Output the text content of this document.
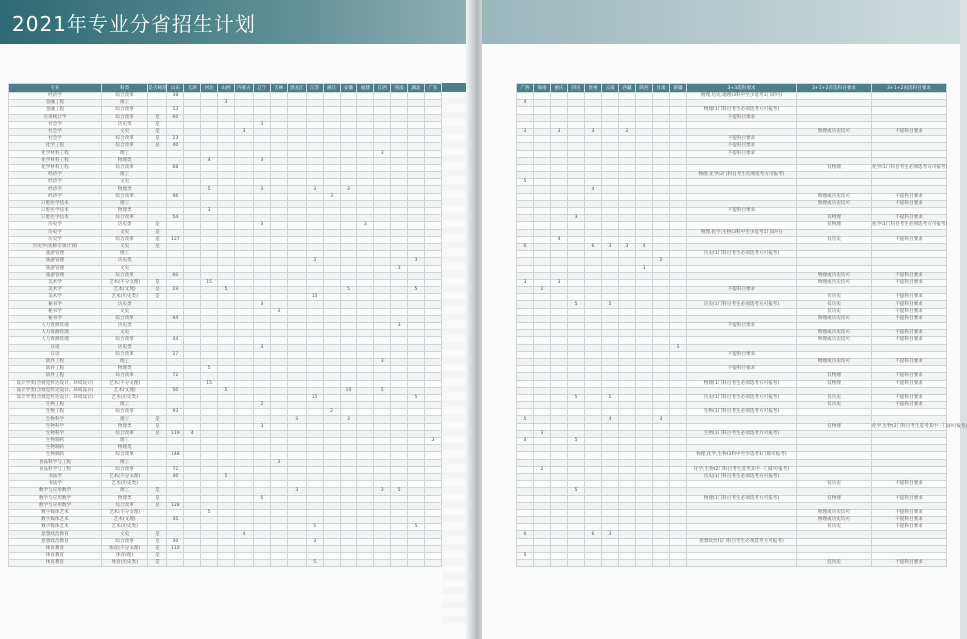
2021年专业分省招生计划
专业	科类	是否师范	山东	天津	河北	山西	内蒙古	辽宁	吉林	黑龙江	江苏	浙江	安徽	福建	江西	河南	湖北	广东
经济学	综合改革		38															
金融工程	理工					3												
金融工程	综合改革		53															
应用统计学	综合改革	是	60															
社会学	历史类	是						3										
社会学	文史	是					3											
社会学	综合改革	是	23															
化学工程	综合改革	是	40															
化学材料工程	理工														3			
化学材料工程	物理类				4			3										
化学材料工程	综合改革		68															
经济学	理工																	
经济学	文史																	
经济学	物理类				5			3			3		3					
经济学	综合改革		96									3						
口腔医学技术	理工																	
口腔医学技术	物理类				3													
口腔医学技术	综合改革		54															
历史学	历史类	是						3						3				
历史学	文史	是																
历史学	综合改革	是	127															
历史学(优师专项计划)	文史	是																
旅游管理	理工																	
旅游管理	历史类										3						3	
旅游管理	文史															3		
旅游管理	综合改革		60															
美术学	艺术(不分文理)	是			15													
美术学	艺术(文理)	是	19			5							5				5	
美术学	艺术(历史类)	是									15							
秘书学	历史类							3										
秘书学	文史								3									
秘书学	综合改革		94															
人力资源管理	历史类															3		
人力资源管理	文史																	
人力资源管理	综合改革		44															
日语	历史类							3										
日语	综合改革		27															
软件工程	理工														3			
软件工程	物理类				5													
软件工程	综合改革		72															
设计学类(含视觉传达设计、环境设计)	艺术(不分文理)				15													
设计学类(含视觉传达设计、环境设计)	艺术(文理)		50			5							10		5			
设计学类(含视觉传达设计、环境设计)	艺术(历史类)										15						5	
生物工程	理工							2										
生物工程	综合改革		93									2						
生物科学	理工	是								3			3					
生物科学	物理类	是						3										
生物科学	综合改革	是	119	4														
生物制药	理工																	3
生物制药	物理类																	
生物制药	综合改革		148															
食品科学与工程	理工								3									
食品科学与工程	综合改革		72															
书法学	艺术(不分文理)		40			5												
书法学	艺术(历史类)																	
数学与应用数学	理工	是								3					3	5		
数学与应用数学	物理类	是						5										
数学与应用数学	综合改革	是	128															
数字媒体艺术	艺术(不分文理)				5													
数字媒体艺术	艺术(文理)		45															
数字媒体艺术	艺术(历史类)										5						5	
思想政治教育	文史	是					4											
思想政治教育	综合改革	是	30								3							
体育教育	体育(不分文理)	是	110															
体育教育	体育(理)	是																
体育教育	体育(历史类)	是									5							
广西	海南	重庆	四川	贵州	云南	西藏	陕西	甘肃	新疆	3+3选科要求	3+1+2首选科目要求	3+1+2再选科目要求
										物理,历史,地理(3科中至少选考1门即可)		
4												
										物理(1门科目考生必须选考方可报考)		
										不提科目要求		

3		3		3		2					物理或历史均可	不提科目要求
										不提科目要求		
										不提科目要求		
										不提科目要求		

											仅物理	化学(1门科目考生必须选考方可报考)
										物理,化学(2门科目考生均须选考方可报考)		
5												
				4								
											物理或历史均可	不提科目要求
											物理或历史均可	不提科目要求
										不提科目要求		
			3								仅物理	不提科目要求
											仅物理	化学(1门科目考生必须选考方可报考)
										物理,化学,生物(3科中至少选考1门即可)		
		4									仅历史	不提科目要求
6				6	3	3	4					
										历史(1门科目考生必须选考方可报考)		
								2				
							3					
											物理或历史均可	不提科目要求
3		3									物理或历史均可	不提科目要求
	2									不提科目要求		
											仅历史	不提科目要求
			5		5					历史(1门科目考生必须选考方可报考)	仅历史	不提科目要求
											仅历史	不提科目要求
											物理或历史均可	不提科目要求
										不提科目要求		
											物理或历史均可	不提科目要求
											物理或历史均可	不提科目要求
									5			
										不提科目要求		
											物理或历史均可	不提科目要求
										不提科目要求		
											仅物理	不提科目要求
										物理(1门科目考生必须选考方可报考)	仅物理	不提科目要求

			5		5					历史(1门科目考生必须选考方可报考)	仅历史	不提科目要求
											仅历史	不提科目要求
										生物(1门科目考生必须选考方可报考)		
5					4			3				
											仅物理	化学,生物(2门科目考生选考其中一门即可报考)
	3									生物(1门科目考生必须选考方可报考)		
4			5									

										物理,化学,生物(3科中至少选考1门即可报考)		

	2									化学,生物(2门科目考生选考其中一门即可报考)		
										历史(1门科目考生必须选考方可报考)		
											仅历史	不提科目要求
			5									
										物理(1门科目考生必须选考方可报考)	仅物理	不提科目要求

											物理或历史均可	不提科目要求
											物理或历史均可	不提科目要求
											仅历史	不提科目要求
6				6	3							
										思想政治(1门科目考生必须选考方可报考)		

5												
											仅历史	不提科目要求
